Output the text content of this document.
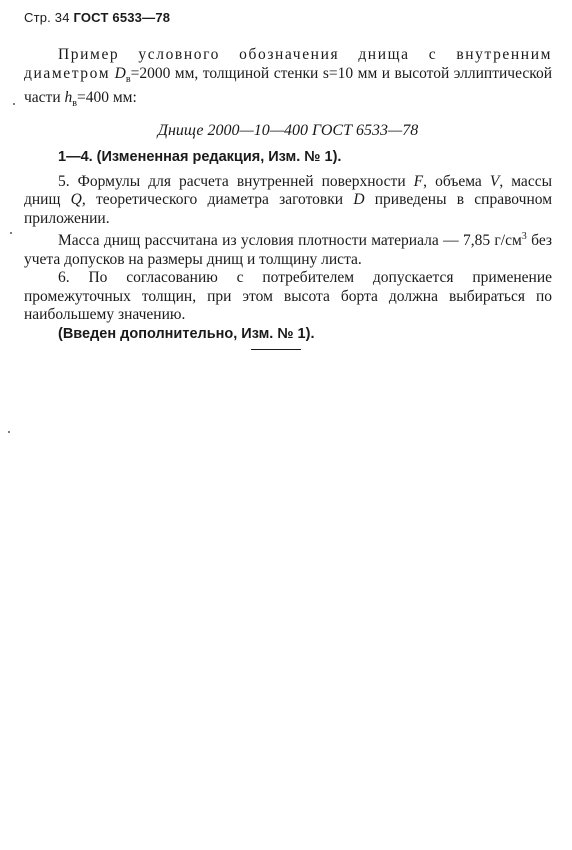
Стр. 34 ГОСТ 6533—78

Пример условного обозначения днища с внутренним диаметром $D_в=2000$ мм, толщиной стенки s=10 мм и высотой эллиптической части $h_в=400$ мм:

Днище 2000—10—400 ГОСТ 6533—78

1—4. (Измененная редакция, Изм. № 1).

5. Формулы для расчета внутренней поверхности F, объема V, массы днищ Q, теоретического диаметра заготовки D приведены в справочном приложении.

Масса днищ рассчитана из условия плотности материала — 7,85 $г/см^3$ без учета допусков на размеры днищ и толщину листа.

6. По согласованию с потребителем допускается применение промежуточных толщин, при этом высота борта должна выбираться по наибольшему значению.

(Введен дополнительно, Изм. № 1).
